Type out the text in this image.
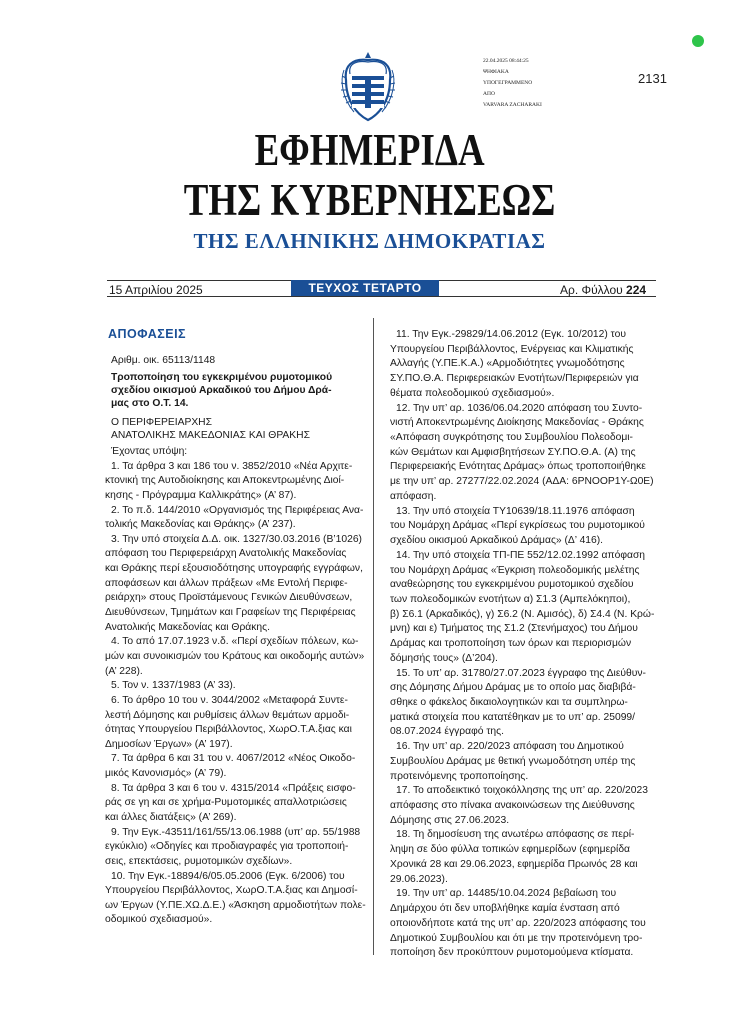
22.04.2025 08:44:25
ΨΗΦΙΑΚΑ
ΥΠΟΓΕΓΡΑΜΜΕΝΟ
ΑΠΟ
VARVARA ZACHARAKI
2131
ΕΦΗΜΕΡΙΔΑ
ΤΗΣ ΚΥΒΕΡΝΗΣΕΩΣ
ΤΗΣ ΕΛΛΗΝΙΚΗΣ ΔΗΜΟΚΡΑΤΙΑΣ
15 Απριλίου 2025	ΤΕΥΧΟΣ ΤΕΤΑΡΤΟ	Αρ. Φύλλου 224
ΑΠΟΦΑΣΕΙΣ
Αριθμ. οικ. 65113/1148
Τροποποίηση του εγκεκριμένου ρυμοτομικού
σχεδίου οικισμού Αρκαδικού του Δήμου Δρά-
μας στο Ο.Τ. 14.
Ο ΠΕΡΙΦΕΡΕΙΑΡΧΗΣ
ΑΝΑΤΟΛΙΚΗΣ ΜΑΚΕΔΟΝΙΑΣ ΚΑΙ ΘΡΑΚΗΣ
Έχοντας υπόψη:
1. Τα άρθρα 3 και 186 του ν. 3852/2010 «Νέα Αρχιτε-
κτονική της Αυτοδιοίκησης και Αποκεντρωμένης Διοί-
κησης - Πρόγραμμα Καλλικράτης» (Α’ 87).
2. Το π.δ. 144/2010 «Οργανισμός της Περιφέρειας Ανα-
τολικής Μακεδονίας και Θράκης» (Α’ 237).
3. Την υπό στοιχεία Δ.Δ. οικ. 1327/30.03.2016 (Β’1026)
απόφαση του Περιφερειάρχη Ανατολικής Μακεδονίας
και Θράκης περί εξουσιοδότησης υπογραφής εγγράφων,
αποφάσεων και άλλων πράξεων «Με Εντολή Περιφε-
ρειάρχη» στους Προϊστάμενους Γενικών Διευθύνσεων,
Διευθύνσεων, Τμημάτων και Γραφείων της Περιφέρειας
Ανατολικής Μακεδονίας και Θράκης.
4. Το από 17.07.1923 ν.δ. «Περί σχεδίων πόλεων, κω-
μών και συνοικισμών του Κράτους και οικοδομής αυτών»
(Α’ 228).
5. Τον ν. 1337/1983 (Α’ 33).
6. Το άρθρο 10 του ν. 3044/2002 «Μεταφορά Συντε-
λεστή Δόμησης και ρυθμίσεις άλλων θεμάτων αρμοδι-
ότητας Υπουργείου Περιβάλλοντος, ΧωρΟ.Τ.Α.ξιας και
Δημοσίων Έργων» (Α’ 197).
7. Τα άρθρα 6 και 31 του ν. 4067/2012 «Νέος Οικοδο-
μικός Κανονισμός» (Α’ 79).
8. Τα άρθρα 3 και 6 του ν. 4315/2014 «Πράξεις εισφο-
ράς σε γη και σε χρήμα-Ρυμοτομικές απαλλοτριώσεις
και άλλες διατάξεις» (Α’ 269).
9. Την Εγκ.-43511/161/55/13.06.1988 (υπ’ αρ. 55/1988
εγκύκλιο) «Οδηγίες και προδιαγραφές για τροποποιή-
σεις, επεκτάσεις, ρυμοτομικών σχεδίων».
10. Την Εγκ.-18894/6/05.05.2006 (Εγκ. 6/2006) του
Υπουργείου Περιβάλλοντος, ΧωρΟ.Τ.Α.ξιας και Δημοσί-
ων Έργων (Υ.ΠΕ.ΧΩ.Δ.Ε.) «Άσκηση αρμοδιοτήτων πολε-
οδομικού σχεδιασμού».
11. Την Εγκ.-29829/14.06.2012 (Εγκ. 10/2012) του
Υπουργείου Περιβάλλοντος, Ενέργειας και Κλιματικής
Αλλαγής (Υ.ΠΕ.Κ.Α.) «Αρμοδιότητες γνωμοδότησης
ΣΥ.ΠΟ.Θ.Α. Περιφερειακών Ενοτήτων/Περιφερειών για
θέματα πολεοδομικού σχεδιασμού».
12. Την υπ’ αρ. 1036/06.04.2020 απόφαση του Συντο-
νιστή Αποκεντρωμένης Διοίκησης Μακεδονίας - Θράκης
«Απόφαση συγκρότησης του Συμβουλίου Πολεοδομι-
κών Θεμάτων και Αμφισβητήσεων ΣΥ.ΠΟ.Θ.Α. (Α) της
Περιφερειακής Ενότητας Δράμας» όπως τροποποιήθηκε
με την υπ’ αρ. 27277/22.02.2024 (ΑΔΑ: 6ΡΝΟΟΡ1Υ-Ω0Ε)
απόφαση.
13. Την υπό στοιχεία ΤΥ10639/18.11.1976 απόφαση
του Νομάρχη Δράμας «Περί εγκρίσεως του ρυμοτομικού
σχεδίου οικισμού Αρκαδικού Δράμας» (Δ’ 416).
14. Την υπό στοιχεία ΤΠ-ΠΕ 552/12.02.1992 απόφαση
του Νομάρχη Δράμας «Έγκριση πολεοδομικής μελέτης
αναθεώρησης του εγκεκριμένου ρυμοτομικού σχεδίου
των πολεοδομικών ενοτήτων α) Σ1.3 (Αμπελόκηποι),
β) Σ6.1 (Αρκαδικός), γ) Σ6.2 (Ν. Αμισός), δ) Σ4.4 (Ν. Κρώ-
μνη) και ε) Τμήματος της Σ1.2 (Στενήμαχος) του Δήμου
Δράμας και τροποποίηση των όρων και περιορισμών
δόμησής τους» (Δ’204).
15. Το υπ’ αρ. 31780/27.07.2023 έγγραφο της Διεύθυν-
σης Δόμησης Δήμου Δράμας με το οποίο μας διαβιβά-
σθηκε ο φάκελος δικαιολογητικών και τα συμπληρω-
ματικά στοιχεία που κατατέθηκαν με το υπ’ αρ. 25099/
08.07.2024 έγγραφό της.
16. Την υπ’ αρ. 220/2023 απόφαση του Δημοτικού
Συμβουλίου Δράμας με θετική γνωμοδότηση υπέρ της
προτεινόμενης τροποποίησης.
17. Το αποδεικτικό τοιχοκόλλησης της υπ’ αρ. 220/2023
απόφασης στο πίνακα ανακοινώσεων της Διεύθυνσης
Δόμησης στις 27.06.2023.
18. Τη δημοσίευση της ανωτέρω απόφασης σε περί-
ληψη σε δύο φύλλα τοπικών εφημερίδων (εφημερίδα
Χρονικά 28 και 29.06.2023, εφημερίδα Πρωινός 28 και
29.06.2023).
19. Την υπ’ αρ. 14485/10.04.2024 βεβαίωση του
Δημάρχου ότι δεν υποβλήθηκε καμία ένσταση από
οποιονδήποτε κατά της υπ’ αρ. 220/2023 απόφασης του
Δημοτικού Συμβουλίου και ότι με την προτεινόμενη τρο-
ποποίηση δεν προκύπτουν ρυμοτομούμενα κτίσματα.
